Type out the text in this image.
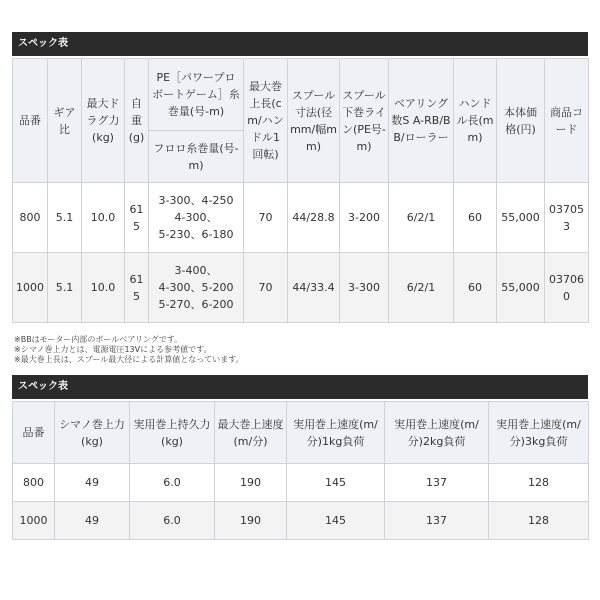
スペック表
品番	ギア比	最大ドラグ力(kg)	自重(g)	PE［パワープロボートゲーム］糸巻量(号-m)	最大巻上長(cm/ハンドル1回転)	スプール寸法(径mm/幅mm)	スプール下巻ライン(PE号-m)	ベアリング数S A-RB/BB/ローラー	ハンドル長(mm)	本体価格(円)	商品コード
				フロロ糸巻量(号-m)							
800	5.1	10.0	615	3-300、4-250
4-300、
5-230、6-180	70	44/28.8	3-200	6/2/1	60	55,000	037053
1000	5.1	10.0	615	3-400、
4-300、5-200
5-270、6-200	70	44/33.4	3-300	6/2/1	60	55,000	037060
※BBはモーター内部のボールベアリングです。
※シマノ巻上力とは、電源電圧13Vによる参考値です。
※最大巻上長は、スプール最大径による計算値となっています。
スペック表
品番	シマノ巻上力(kg)	実用巻上持久力(kg)	最大巻上速度(m/分)	実用巻上速度(m/分)1kg負荷	実用巻上速度(m/分)2kg負荷	実用巻上速度(m/分)3kg負荷
800	49	6.0	190	145	137	128
1000	49	6.0	190	145	137	128
